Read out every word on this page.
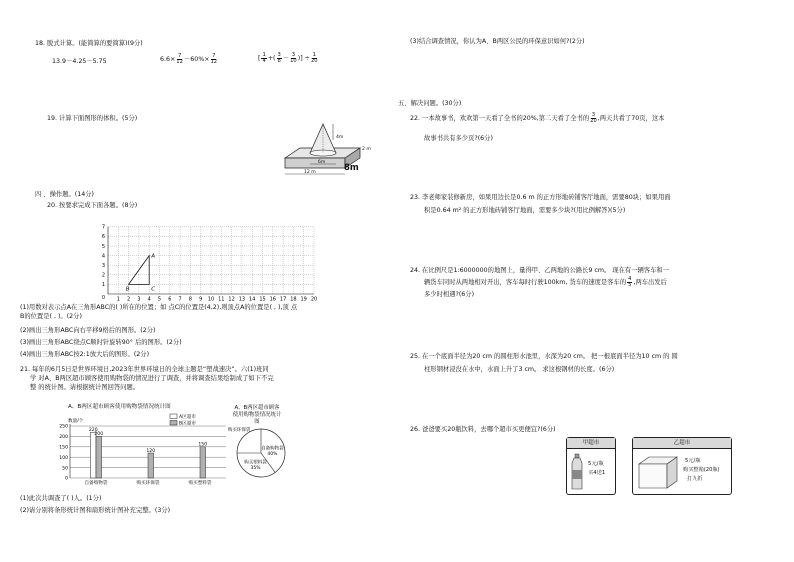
18. 脱式计算。(能简算的要简算)(9分)
13.9－4.25－5.75	$6.6\times \frac{7}{12} -60\%\times \frac{7}{12}$	[ $\frac{1}{4}$ +( $\frac{3}{8} - \frac{3}{10}$ )] ÷ $\frac{1}{20}$
19. 计算下面图形的体积。(5分)
4m
6m
2 m
12 m	8m
四 、操作题。(14分)
20. 按要求完成下面各题。(8分)
1 2 3 4 5 6 7 8 9 10 11 12 13 14 15 16 17 18 19 20
0
1
2
3
4
5
6
7
A
B	C
(1)用数对表示点A在三角形ABC的( )所在的位置；如 点C的位置是(4,2),则顶点A的位置是( , ),顶 点
B的位置是( , )。(2分)
(2)画出三角形ABC向右平移9格后的图形。(2分)
(3)画出三角形ABC绕点C顺时针旋转90° 后的图形。(2分)
(4)画出三角形ABC按2:1放大后的图形。(2分)
21. 每年的6月5日是世界环境日,2023年世界环境日的全球主题是“塑战速决”。六(1)班同
学 对A、B两区超市顾客使用购物袋的情况进行了调查，并将调查结果绘制成了如下不完
整 的统计图。请根据统计图回答问题。
A、B两区超市顾客使用购物袋情况统计图
数量/个
0
50
100
150
200
250
220
200
自备购物袋
120
购买环保袋
150
购买塑料袋
A区超市
B区超市
A、B两区超市顾客使用购物袋情况统计图
自备购物袋
40%
购买塑料袋
35%
购买环保袋
(1)此次共调查了( )人。(1分)
(2)请分别将条形统计图和扇形统计图补充完整。(3分)
(3)结合调查情况，你认为A、B两区公民的环保意识如何?(2分)
五、解决问题。(30分)
22. 一本故事书，欢欢第一天看了全书的20%,第二天看了全书的 $\frac{3}{20}$ ,两天共看了70页，这本
故事书共有多少页?(6分)
23. 李老师家装修新房，如果用边长是0.6 m 的正方形地砖铺客厅地面，需要80块；如果用面
积是0.64 m² 的正方形地砖铺客厅地面，需要多少块?(用比例解答)(5分)
24. 在比例尺是1:6000000的地图上，量得甲、乙两地的公路长9 cm。 现在有一辆客车和一
辆货车同时从两地相对开出，客车每时行驶100km, 货车的速度是客车的 $\frac{4}{5}$ ,两车出发后
多少时相遇?(6分)
25. 在一个底面半径为20 cm 的圆柱形水池里，水深为20 cm。 把一根底面半径为10 cm 的 圆
柱形钢材浸没在水中，水面上升了3 cm。 求这根钢材的长度。(6分)
26. 爸爸要买20瓶饮料，去哪个超市买更便宜?(6分)
甲超市
5元/瓶
买4送1
乙超市
5元/瓶
购买整箱(20瓶)
打九折
